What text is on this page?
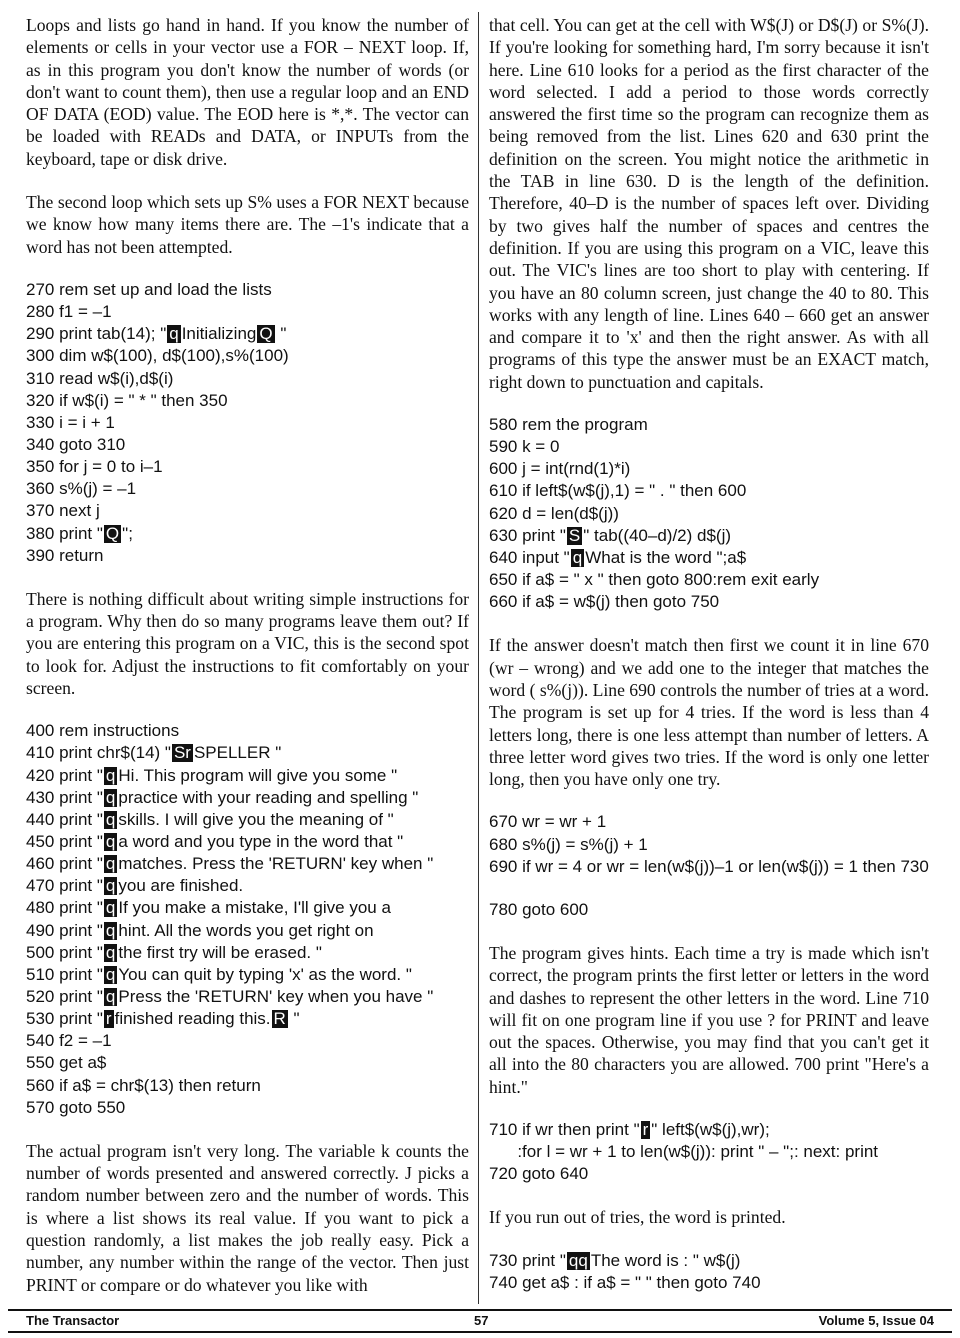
Loops and lists go hand in hand. If you know the number of elements or cells in your vector use a FOR – NEXT loop. If, as in this program you don't know the number of words (or don't want to count them), then use a regular loop and an END OF DATA (EOD) value. The EOD here is *,*. The vector can be loaded with READs and DATA, or INPUTs from the keyboard, tape or disk drive.

The second loop which sets up S% uses a FOR NEXT because we know how many items there are. The –1's indicate that a word has not been attempted.

270 rem set up and load the lists
280 f1 = –1
290 print tab(14); " q Initializing Q "
300 dim w$(100), d$(100),s%(100)
310 read w$(i),d$(i)
320 if w$(i) = " * " then 350
330 i = i + 1
340 goto 310
350 for j = 0 to i–1
360 s%(j) = –1
370 next j
380 print " Q ";
390 return

There is nothing difficult about writing simple instructions for a program. Why then do so many programs leave them out? If you are entering this program on a VIC, this is the second spot to look for. Adjust the instructions to fit comfortably on your screen.

400 rem instructions
410 print chr$(14) " Sr SPELLER "
420 print " q Hi. This program will give you some "
430 print " q practice with your reading and spelling "
440 print " q skills. I will give you the meaning of "
450 print " q a word and you type in the word that "
460 print " q matches. Press the 'RETURN' key when "
470 print " q you are finished.
480 print " q If you make a mistake, I'll give you a
490 print " q hint. All the words you get right on
500 print " q the first try will be erased. "
510 print " q You can quit by typing 'x' as the word. "
520 print " q Press the 'RETURN' key when you have "
530 print " r finished reading this. R "
540 f2 = –1
550 get a$
560 if a$ = chr$(13) then return
570 goto 550

The actual program isn't very long. The variable k counts the number of words presented and answered correctly. J picks a random number between zero and the number of words. This is where a list shows its real value. If you want to pick a question randomly, a list makes the job really easy. Pick a number, any number within the range of the vector. Then just PRINT or compare or do whatever you like with

that cell. You can get at the cell with W$(J) or D$(J) or S%(J). If you're looking for something hard, I'm sorry because it isn't here. Line 610 looks for a period as the first character of the word selected. I add a period to those words correctly answered the first time so the program can recognize them as being removed from the list. Lines 620 and 630 print the definition on the screen. You might notice the arithmetic in the TAB in line 630. D is the length of the definition. Therefore, 40–D is the number of spaces left over. Dividing by two gives half the number of spaces and centres the definition. If you are using this program on a VIC, leave this out. The VIC's lines are too short to play with centering. If you have an 80 column screen, just change the 40 to 80. This works with any length of line. Lines 640 – 660 get an answer and compare it to 'x' and then the right answer. As with all programs of this type the answer must be an EXACT match, right down to punctuation and capitals.

580 rem the program
590 k = 0
600 j = int(rnd(1)*i)
610 if left$(w$(j),1) = " . " then 600
620 d = len(d$(j))
630 print " S " tab((40–d)/2) d$(j)
640 input " q What is the word ";a$
650 if a$ = " x " then goto 800:rem exit early
660 if a$ = w$(j) then goto 750

If the answer doesn't match then first we count it in line 670 (wr – wrong) and we add one to the integer that matches the word ( s%(j)). Line 690 controls the number of tries at a word. The program is set up for 4 tries. If the word is less than 4 letters long, there is one less attempt than number of letters. A three letter word gives two tries. If the word is only one letter long, then you have only one try.

670 wr = wr + 1
680 s%(j) = s%(j) + 1
690 if wr = 4 or wr = len(w$(j))–1 or len(w$(j)) = 1 then 730
780 goto 600

The program gives hints. Each time a try is made which isn't correct, the program prints the first letter or letters in the word and dashes to represent the other letters in the word. Line 710 will fit on one program line if you use ? for PRINT and leave out the spaces. Otherwise, you may find that you can't get it all into the 80 characters you are allowed. 700 print "Here's a hint."

710 if wr then print " r " left$(w$(j),wr);
:for l = wr + 1 to len(w$(j)): print " – ";: next: print
720 goto 640

If you run out of tries, the word is printed.

730 print " qq The word is : " w$(j)
740 get a$ : if a$ = " " then goto 740
The Transactor	57	Volume 5, Issue 04
